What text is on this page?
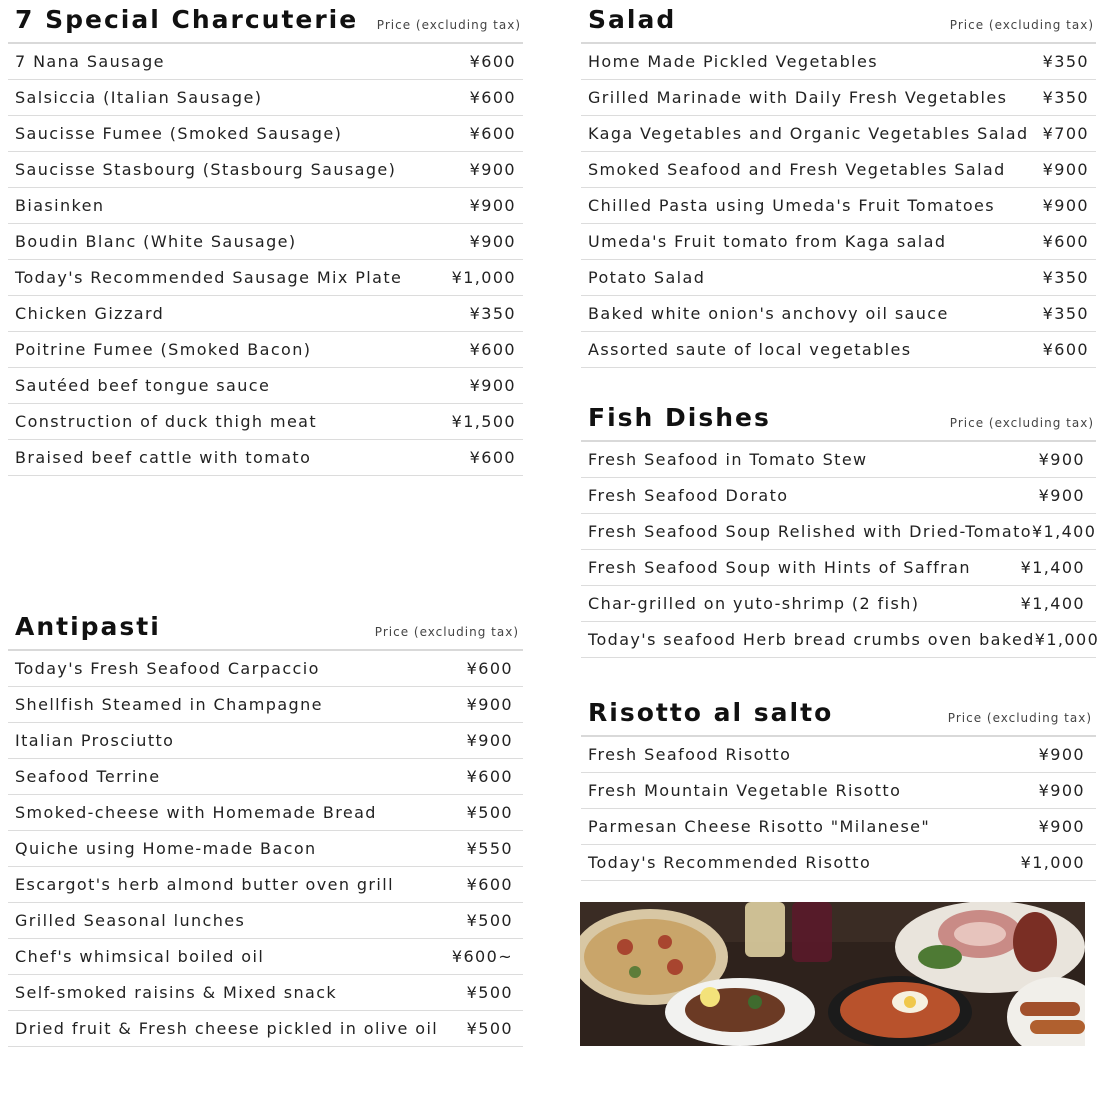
7 Special Charcuterie Price (excluding tax)
7 Nana Sausage	¥600
Salsiccia (Italian Sausage)	¥600
Saucisse Fumee (Smoked Sausage)	¥600
Saucisse Stasbourg (Stasbourg Sausage)	¥900
Biasinken	¥900
Boudin Blanc (White Sausage)	¥900
Today's Recommended Sausage Mix Plate	¥1,000
Chicken Gizzard	¥350
Poitrine Fumee (Smoked Bacon)	¥600
Sautéed beef tongue sauce	¥900
Construction of duck thigh meat	¥1,500
Braised beef cattle with tomato	¥600
Salad	Price (excluding tax)
Home Made Pickled Vegetables	¥350
Grilled Marinade with Daily Fresh Vegetables ¥350
Kaga Vegetables and Organic Vegetables Salad ¥700
Smoked Seafood and Fresh Vegetables Salad ¥900
Chilled Pasta using Umeda's Fruit Tomatoes	¥900
Umeda's Fruit tomato from Kaga salad	¥600
Potato Salad	¥350
Baked white onion's anchovy oil sauce	¥350
Assorted saute of local vegetables	¥600
Fish Dishes	Price (excluding tax)
Fresh Seafood in Tomato Stew	¥900
Fresh Seafood Dorato	¥900
Fresh Seafood Soup Relished with Dried-Tomato ¥1,400
Fresh Seafood Soup with Hints of Saffran	¥1,400
Char-grilled on yuto-shrimp (2 fish)	¥1,400
Today's seafood Herb bread crumbs oven baked ¥1,000
Antipasti	Price (excluding tax)
Today's Fresh Seafood Carpaccio	¥600
Shellfish Steamed in Champagne	¥900
Italian Prosciutto	¥900
Seafood Terrine	¥600
Smoked-cheese with Homemade Bread	¥500
Quiche using Home-made Bacon	¥550
Escargot's herb almond butter oven grill	¥600
Grilled Seasonal lunches	¥500
Chef's whimsical boiled oil	¥600~
Self-smoked raisins & Mixed snack	¥500
Dried fruit & Fresh cheese pickled in olive oil ¥500
Risotto al salto	Price (excluding tax)
Fresh Seafood Risotto	¥900
Fresh Mountain Vegetable Risotto	¥900
Parmesan Cheese Risotto "Milanese"	¥900
Today's Recommended Risotto	¥1,000
